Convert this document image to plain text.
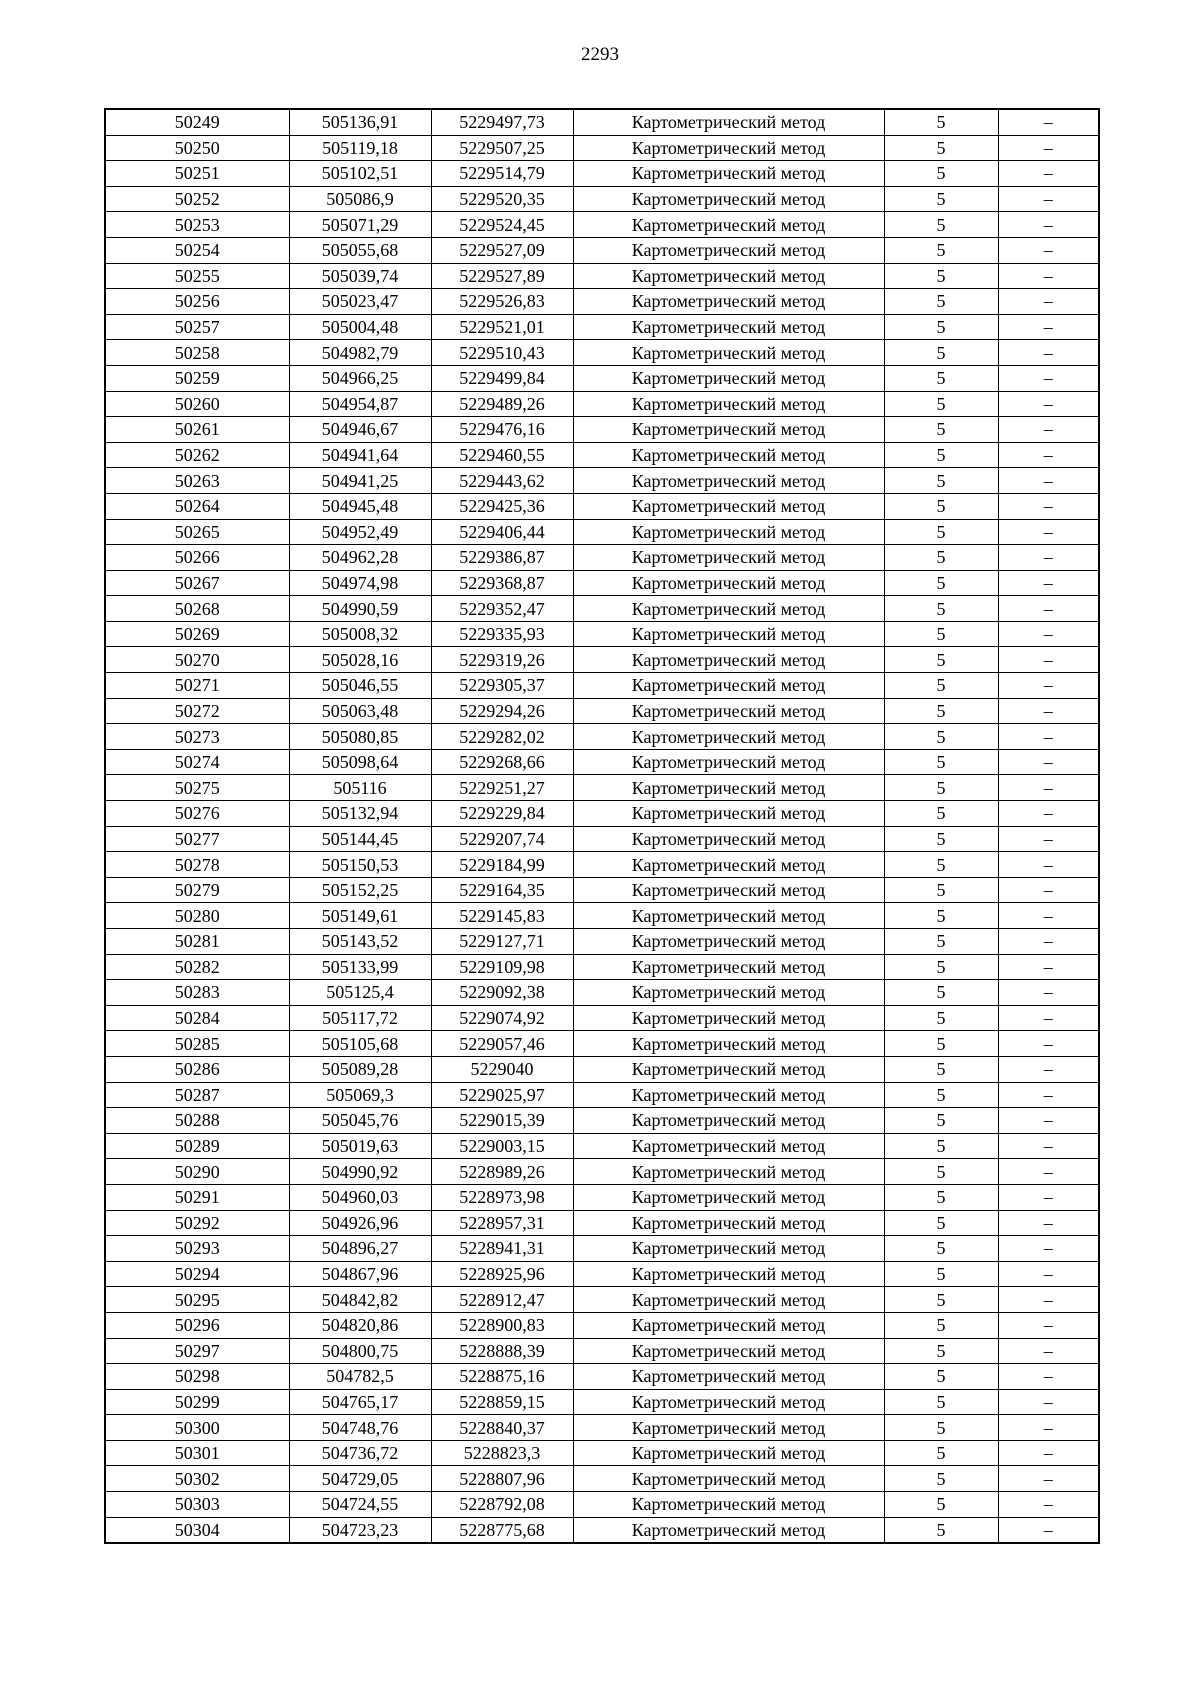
2293
50249	505136,91	5229497,73	Картометрический метод	5	–
50250	505119,18	5229507,25	Картометрический метод	5	–
50251	505102,51	5229514,79	Картометрический метод	5	–
50252	505086,9	5229520,35	Картометрический метод	5	–
50253	505071,29	5229524,45	Картометрический метод	5	–
50254	505055,68	5229527,09	Картометрический метод	5	–
50255	505039,74	5229527,89	Картометрический метод	5	–
50256	505023,47	5229526,83	Картометрический метод	5	–
50257	505004,48	5229521,01	Картометрический метод	5	–
50258	504982,79	5229510,43	Картометрический метод	5	–
50259	504966,25	5229499,84	Картометрический метод	5	–
50260	504954,87	5229489,26	Картометрический метод	5	–
50261	504946,67	5229476,16	Картометрический метод	5	–
50262	504941,64	5229460,55	Картометрический метод	5	–
50263	504941,25	5229443,62	Картометрический метод	5	–
50264	504945,48	5229425,36	Картометрический метод	5	–
50265	504952,49	5229406,44	Картометрический метод	5	–
50266	504962,28	5229386,87	Картометрический метод	5	–
50267	504974,98	5229368,87	Картометрический метод	5	–
50268	504990,59	5229352,47	Картометрический метод	5	–
50269	505008,32	5229335,93	Картометрический метод	5	–
50270	505028,16	5229319,26	Картометрический метод	5	–
50271	505046,55	5229305,37	Картометрический метод	5	–
50272	505063,48	5229294,26	Картометрический метод	5	–
50273	505080,85	5229282,02	Картометрический метод	5	–
50274	505098,64	5229268,66	Картометрический метод	5	–
50275	505116	5229251,27	Картометрический метод	5	–
50276	505132,94	5229229,84	Картометрический метод	5	–
50277	505144,45	5229207,74	Картометрический метод	5	–
50278	505150,53	5229184,99	Картометрический метод	5	–
50279	505152,25	5229164,35	Картометрический метод	5	–
50280	505149,61	5229145,83	Картометрический метод	5	–
50281	505143,52	5229127,71	Картометрический метод	5	–
50282	505133,99	5229109,98	Картометрический метод	5	–
50283	505125,4	5229092,38	Картометрический метод	5	–
50284	505117,72	5229074,92	Картометрический метод	5	–
50285	505105,68	5229057,46	Картометрический метод	5	–
50286	505089,28	5229040	Картометрический метод	5	–
50287	505069,3	5229025,97	Картометрический метод	5	–
50288	505045,76	5229015,39	Картометрический метод	5	–
50289	505019,63	5229003,15	Картометрический метод	5	–
50290	504990,92	5228989,26	Картометрический метод	5	–
50291	504960,03	5228973,98	Картометрический метод	5	–
50292	504926,96	5228957,31	Картометрический метод	5	–
50293	504896,27	5228941,31	Картометрический метод	5	–
50294	504867,96	5228925,96	Картометрический метод	5	–
50295	504842,82	5228912,47	Картометрический метод	5	–
50296	504820,86	5228900,83	Картометрический метод	5	–
50297	504800,75	5228888,39	Картометрический метод	5	–
50298	504782,5	5228875,16	Картометрический метод	5	–
50299	504765,17	5228859,15	Картометрический метод	5	–
50300	504748,76	5228840,37	Картометрический метод	5	–
50301	504736,72	5228823,3	Картометрический метод	5	–
50302	504729,05	5228807,96	Картометрический метод	5	–
50303	504724,55	5228792,08	Картометрический метод	5	–
50304	504723,23	5228775,68	Картометрический метод	5	–
